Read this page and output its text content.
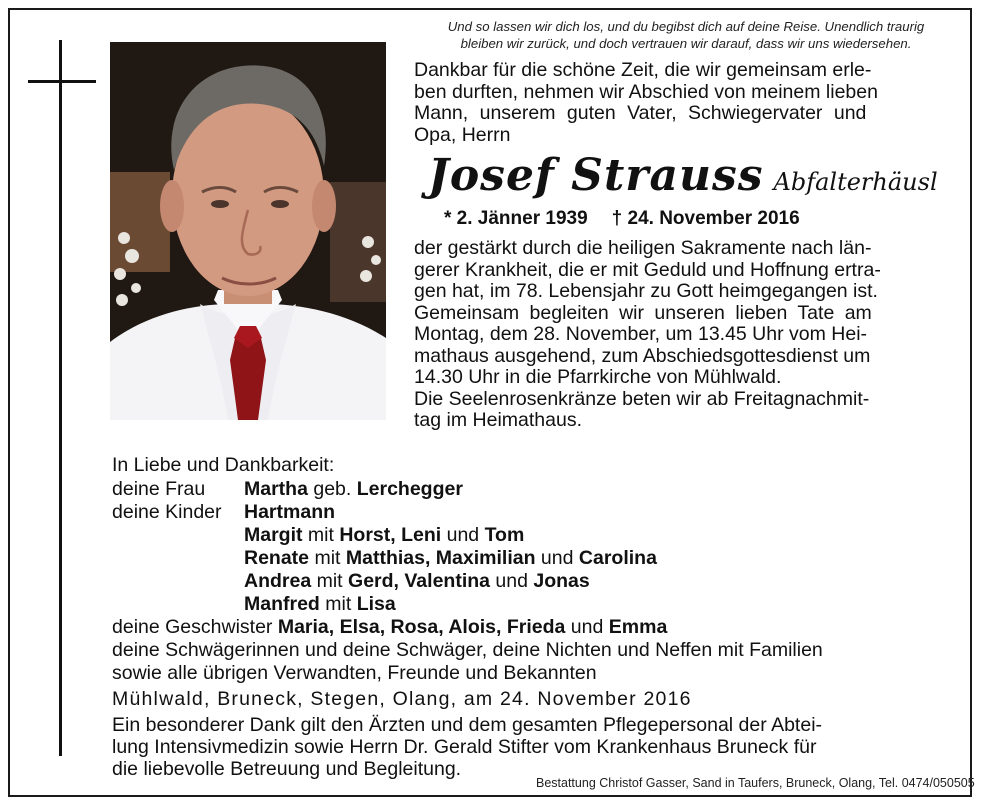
Und so lassen wir dich los, und du begibst dich auf deine Reise. Unendlich traurig
bleiben wir zurück, und doch vertrauen wir darauf, dass wir uns wiedersehen.
Dankbar für die schöne Zeit, die wir gemeinsam erle-
ben durften, nehmen wir Abschied von meinem lieben
Mann, unserem guten Vater, Schwiegervater und
Opa, Herrn
Josef Strauss Abfalterhäusl
* 2. Jänner 1939 † 24. November 2016
der gestärkt durch die heiligen Sakramente nach län-
gerer Krankheit, die er mit Geduld und Hoffnung ertra-
gen hat, im 78. Lebensjahr zu Gott heimgegangen ist.
Gemeinsam begleiten wir unseren lieben Tate am
Montag, dem 28. November, um 13.45 Uhr vom Hei-
mathaus ausgehend, zum Abschiedsgottesdienst um
14.30 Uhr in die Pfarrkirche von Mühlwald.
Die Seelenrosenkränze beten wir ab Freitagnachmit-
tag im Heimathaus.
In Liebe und Dankbarkeit:
deine Frau Martha geb. Lerchegger
deine Kinder Hartmann
Margit mit Horst, Leni und Tom
Renate mit Matthias, Maximilian und Carolina
Andrea mit Gerd, Valentina und Jonas
Manfred mit Lisa
deine Geschwister Maria, Elsa, Rosa, Alois, Frieda und Emma
deine Schwägerinnen und deine Schwäger, deine Nichten und Neffen mit Familien
sowie alle übrigen Verwandten, Freunde und Bekannten
Mühlwald, Bruneck, Stegen, Olang, am 24. November 2016
Ein besonderer Dank gilt den Ärzten und dem gesamten Pflegepersonal der Abtei-
lung Intensivmedizin sowie Herrn Dr. Gerald Stifter vom Krankenhaus Bruneck für
die liebevolle Betreuung und Begleitung.
Bestattung Christof Gasser, Sand in Taufers, Bruneck, Olang, Tel. 0474/050505
